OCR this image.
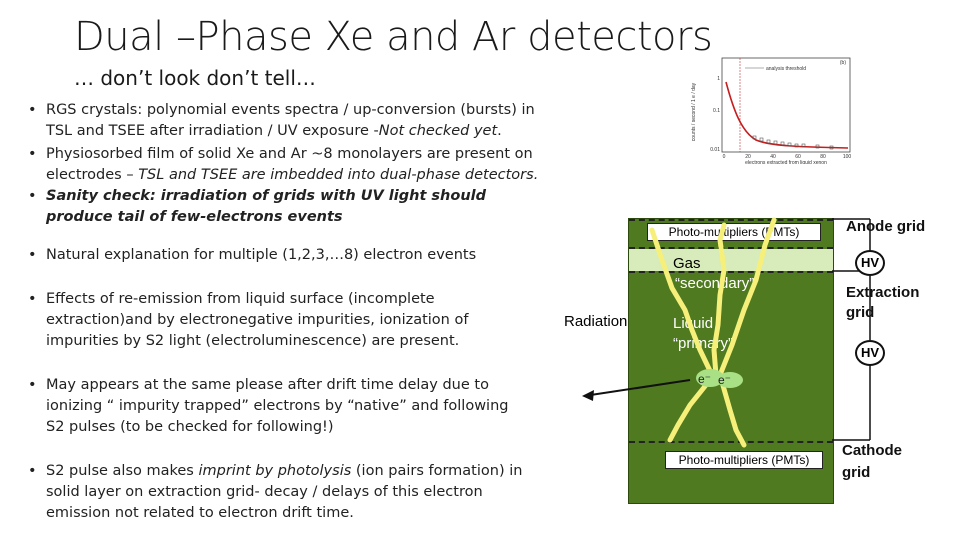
Dual –Phase Xe and Ar detectors
… don’t look don’t tell…
• RGS crystals: polynomial events spectra / up-conversion (bursts) in TSL and TSEE after irradiation / UV exposure -Not checked yet.
• Physiosorbed film of solid Xe and Ar ~8 monolayers are present on electrodes – TSL and TSEE are imbedded into dual-phase detectors.
• Sanity check: irradiation of grids with UV light should produce tail of few-electrons events
• Natural explanation for multiple (1,2,3,…8) electron events
• Effects of re-emission from liquid surface (incomplete extraction)and by electronegative impurities, ionization of impurities by S2 light (electroluminescence) are present.
• May appears at the same please after drift time delay due to ionizing “ impurity trapped” electrons by “native” and following S2 pulses (to be checked for following!)
• S2 pulse also makes imprint by photolysis (ion pairs formation) in solid layer on extraction grid- decay / delays of this electron emission not related to electron drift time.
counts / second / 1 e / day
(b)
analysis threshold
1
0.1
0.01
0	20	40	60	80	100
electrons extracted from liquid xenon
Photo-multipliers (PMTs)
Photo-multipliers (PMTs)
Gas
“secondary”
Liquid
“primary”
e⁻ e⁻
Radiation
HV
HV
Anode grid
Extraction
grid
Cathode
grid
